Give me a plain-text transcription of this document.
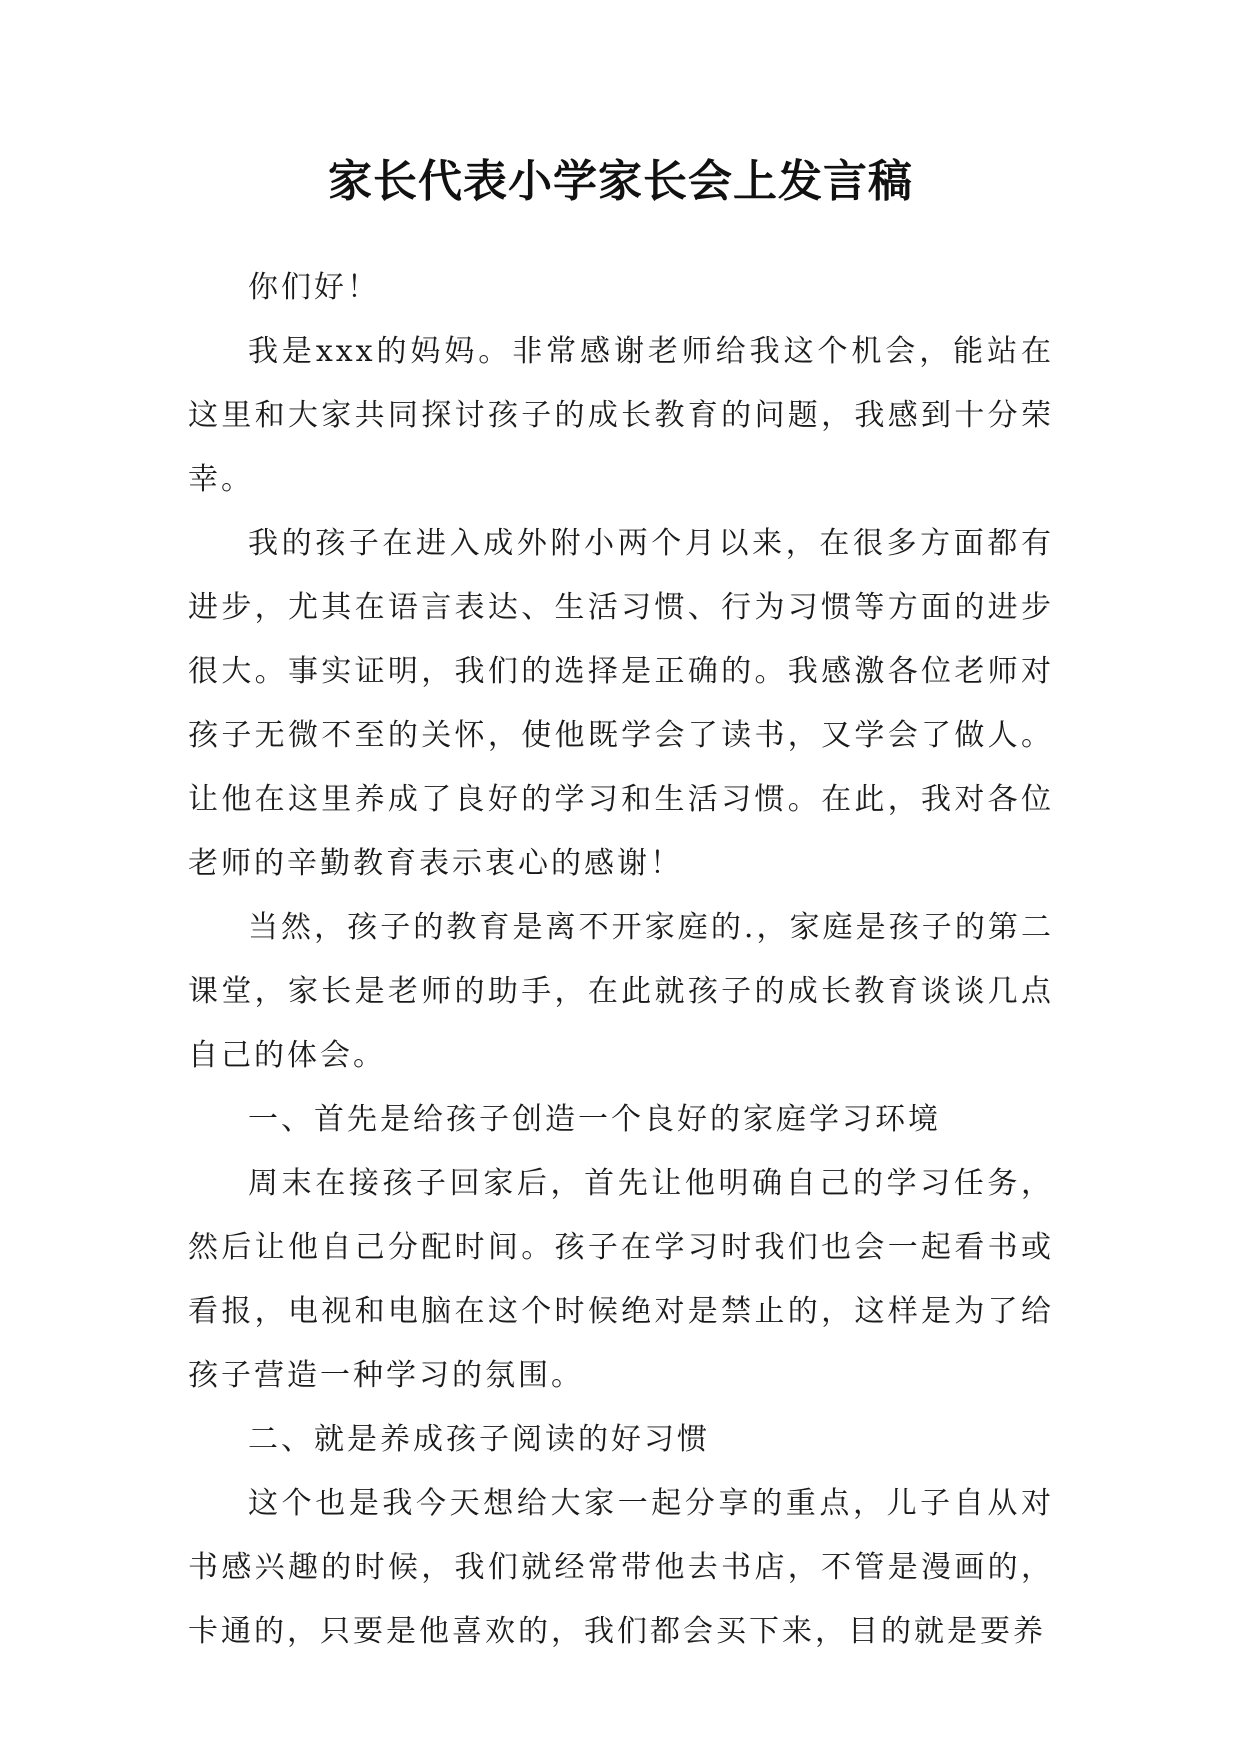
家长代表小学家长会上发言稿

你们好！

我是xxx的妈妈。非常感谢老师给我这个机会，能站在这里和大家共同探讨孩子的成长教育的问题，我感到十分荣幸。

我的孩子在进入成外附小两个月以来，在很多方面都有进步，尤其在语言表达、生活习惯、行为习惯等方面的进步很大。事实证明，我们的选择是正确的。我感激各位老师对孩子无微不至的关怀，使他既学会了读书，又学会了做人。让他在这里养成了良好的学习和生活习惯。在此，我对各位老师的辛勤教育表示衷心的感谢！

当然，孩子的教育是离不开家庭的.，家庭是孩子的第二课堂，家长是老师的助手，在此就孩子的成长教育谈谈几点自己的体会。

一、首先是给孩子创造一个良好的家庭学习环境

周末在接孩子回家后，首先让他明确自己的学习任务，然后让他自己分配时间。孩子在学习时我们也会一起看书或看报，电视和电脑在这个时候绝对是禁止的，这样是为了给孩子营造一种学习的氛围。

二、就是养成孩子阅读的好习惯

这个也是我今天想给大家一起分享的重点，儿子自从对书感兴趣的时候，我们就经常带他去书店，不管是漫画的，卡通的，只要是他喜欢的，我们都会买下来，目的就是要养
